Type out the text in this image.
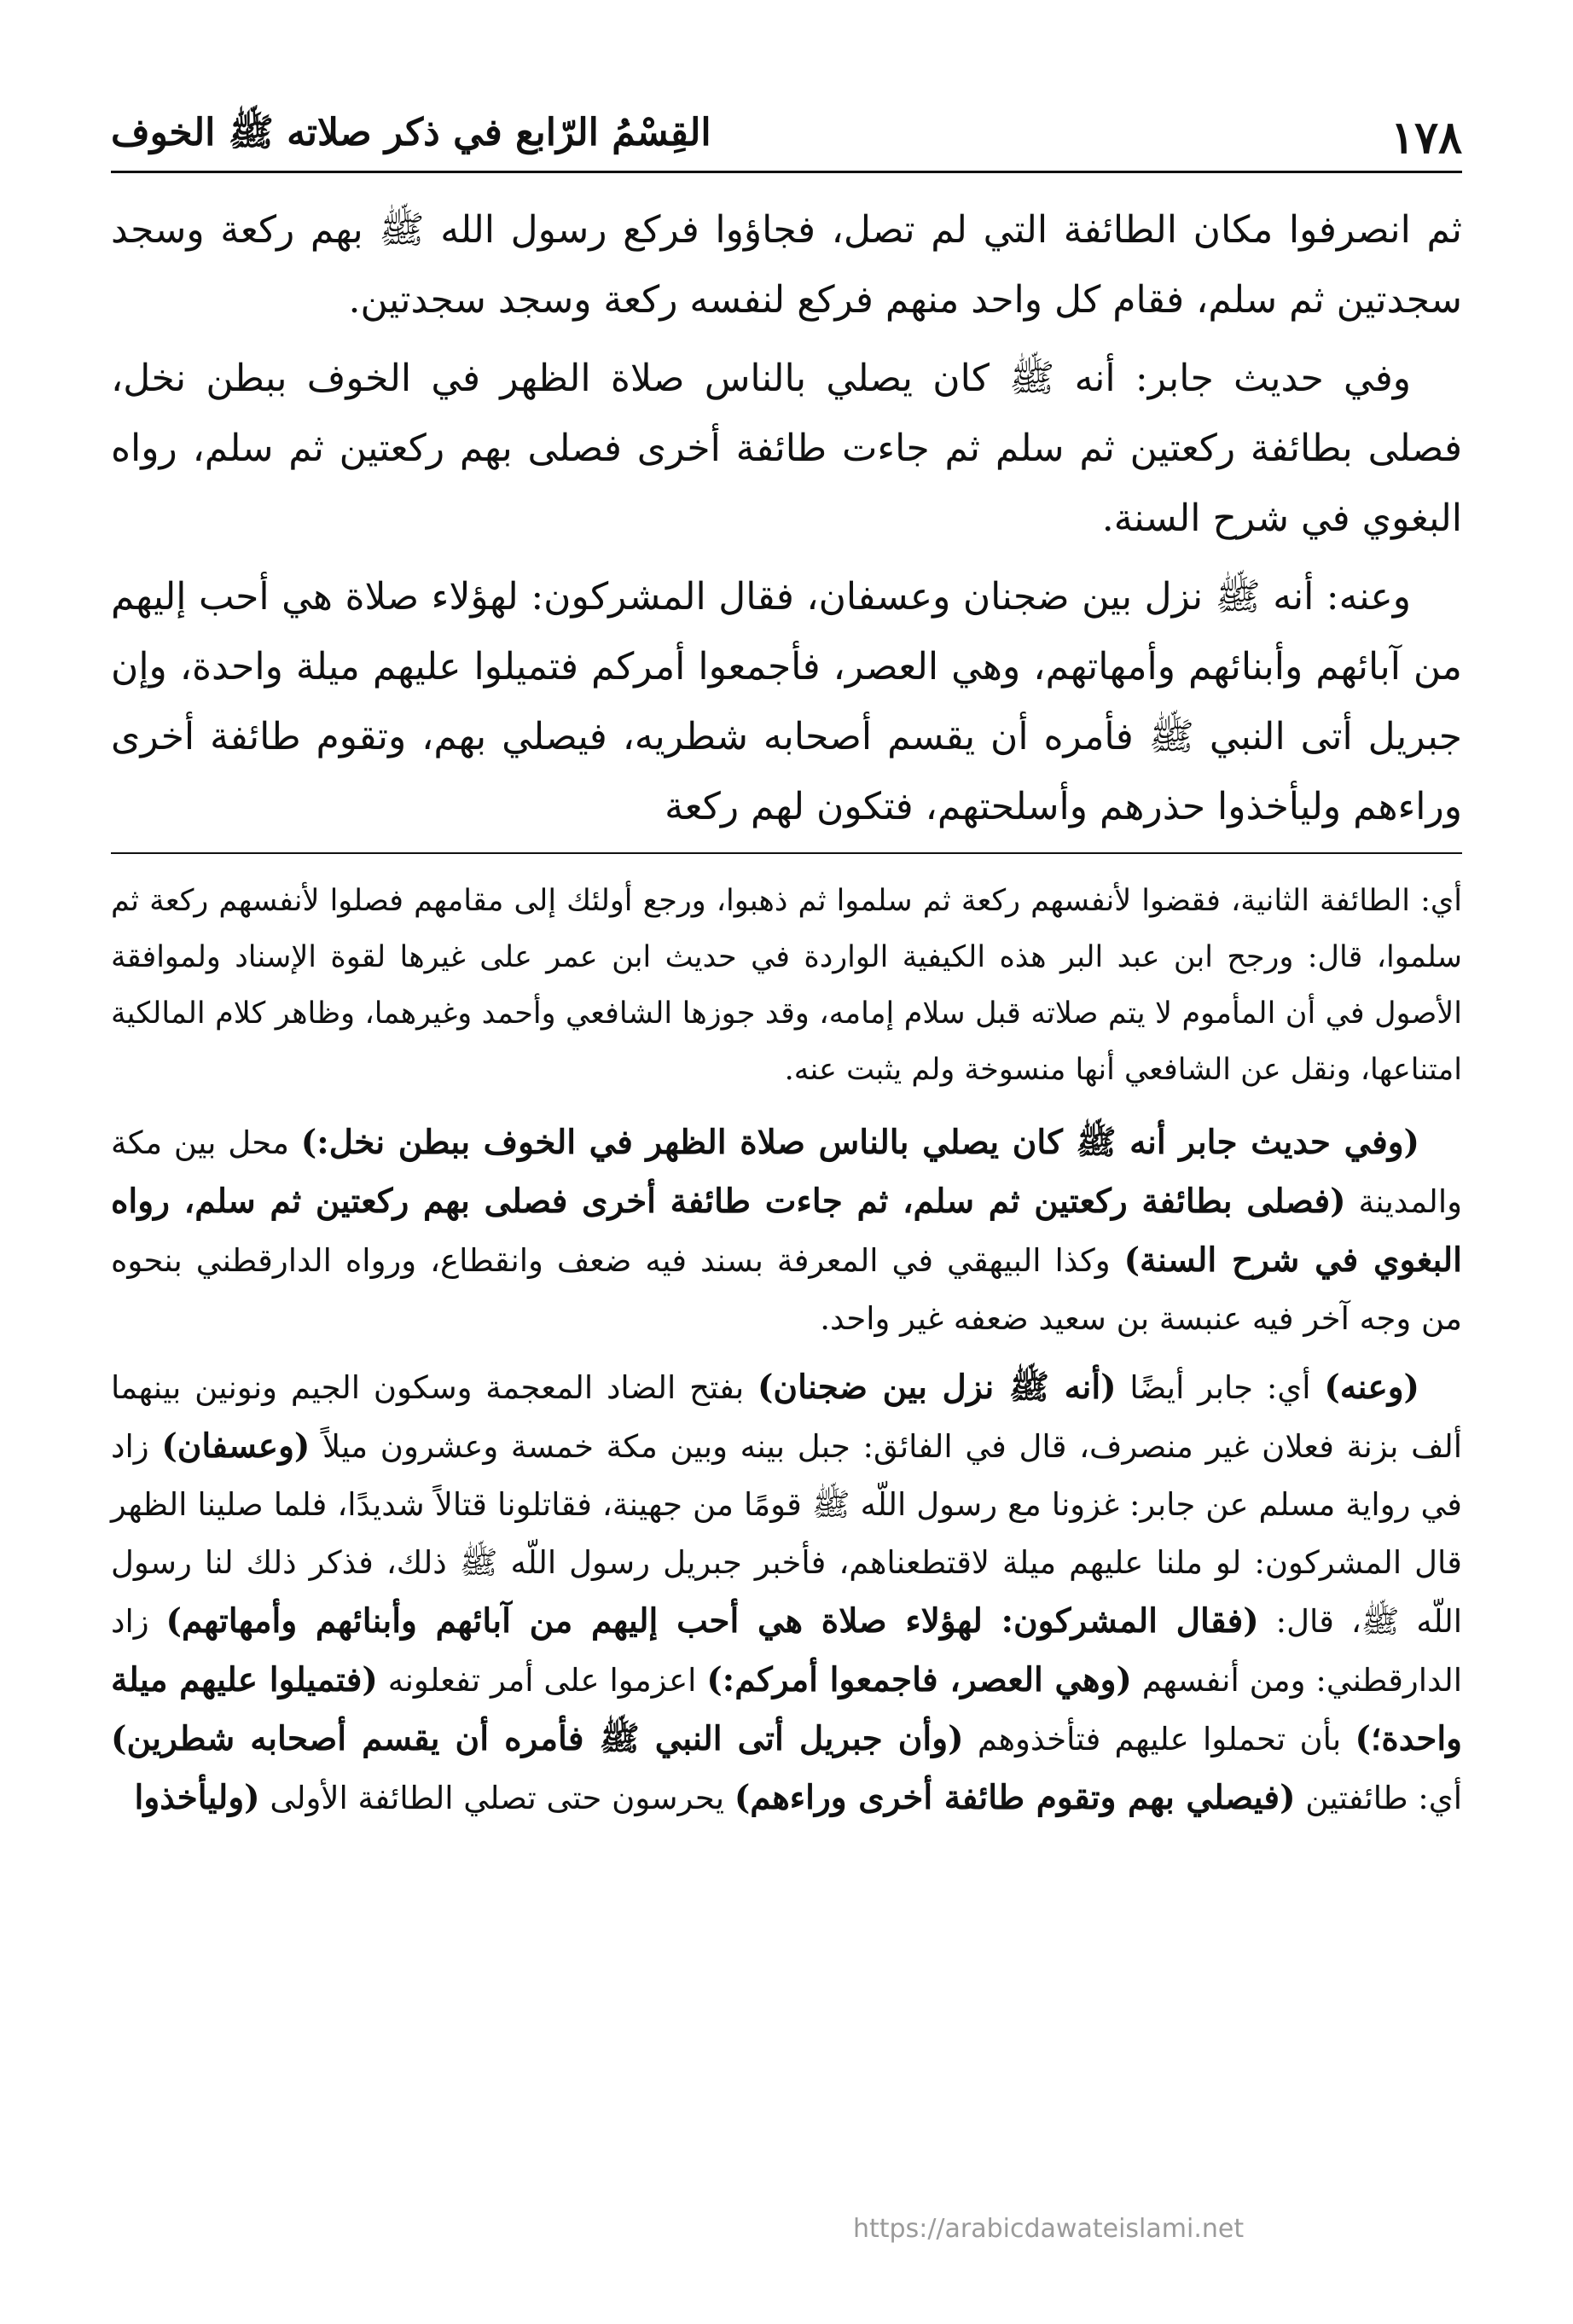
١٧٨
القِسْمُ الرّابع في ذكر صلاته ﷺ الخوف

ثم انصرفوا مكان الطائفة التي لم تصل، فجاؤوا فركع رسول الله ﷺ بهم ركعة وسجد سجدتين ثم سلم، فقام كل واحد منهم فركع لنفسه ركعة وسجد سجدتين.

وفي حديث جابر: أنه ﷺ كان يصلي بالناس صلاة الظهر في الخوف ببطن نخل، فصلى بطائفة ركعتين ثم سلم ثم جاءت طائفة أخرى فصلى بهم ركعتين ثم سلم، رواه البغوي في شرح السنة.

وعنه: أنه ﷺ نزل بين ضجنان وعسفان، فقال المشركون: لهؤلاء صلاة هي أحب إليهم من آبائهم وأبنائهم وأمهاتهم، وهي العصر، فأجمعوا أمركم فتميلوا عليهم ميلة واحدة، وإن جبريل أتى النبي ﷺ فأمره أن يقسم أصحابه شطريه، فيصلي بهم، وتقوم طائفة أخرى وراءهم وليأخذوا حذرهم وأسلحتهم، فتكون لهم ركعة

أي: الطائفة الثانية، فقضوا لأنفسهم ركعة ثم سلموا ثم ذهبوا، ورجع أولئك إلى مقامهم فصلوا لأنفسهم ركعة ثم سلموا، قال: ورجح ابن عبد البر هذه الكيفية الواردة في حديث ابن عمر على غيرها لقوة الإسناد ولموافقة الأصول في أن المأموم لا يتم صلاته قبل سلام إمامه، وقد جوزها الشافعي وأحمد وغيرهما، وظاهر كلام المالكية امتناعها، ونقل عن الشافعي أنها منسوخة ولم يثبت عنه.

(وفي حديث جابر أنه ﷺ كان يصلي بالناس صلاة الظهر في الخوف ببطن نخل:) محل بين مكة والمدينة (فصلى بطائفة ركعتين ثم سلم، ثم جاءت طائفة أخرى فصلى بهم ركعتين ثم سلم، رواه البغوي في شرح السنة) وكذا البيهقي في المعرفة بسند فيه ضعف وانقطاع، ورواه الدارقطني بنحوه من وجه آخر فيه عنبسة بن سعيد ضعفه غير واحد.

(وعنه) أي: جابر أيضًا (أنه ﷺ نزل بين ضجنان) بفتح الضاد المعجمة وسكون الجيم ونونين بينهما ألف بزنة فعلان غير منصرف، قال في الفائق: جبل بينه وبين مكة خمسة وعشرون ميلاً (وعسفان) زاد في رواية مسلم عن جابر: غزونا مع رسول اللّه ﷺ قومًا من جهينة، فقاتلونا قتالاً شديدًا، فلما صلينا الظهر قال المشركون: لو ملنا عليهم ميلة لاقتطعناهم، فأخبر جبريل رسول اللّه ﷺ ذلك، فذكر ذلك لنا رسول اللّه ﷺ، قال: (فقال المشركون: لهؤلاء صلاة هي أحب إليهم من آبائهم وأبنائهم وأمهاتهم) زاد الدارقطني: ومن أنفسهم (وهي العصر، فاجمعوا أمركم:) اعزموا على أمر تفعلونه (فتميلوا عليهم ميلة واحدة؛) بأن تحملوا عليهم فتأخذوهم (وأن جبريل أتى النبي ﷺ فأمره أن يقسم أصحابه شطرين) أي: طائفتين (فيصلي بهم وتقوم طائفة أخرى وراءهم) يحرسون حتى تصلي الطائفة الأولى (وليأخذوا

https://arabicdawateislami.net
